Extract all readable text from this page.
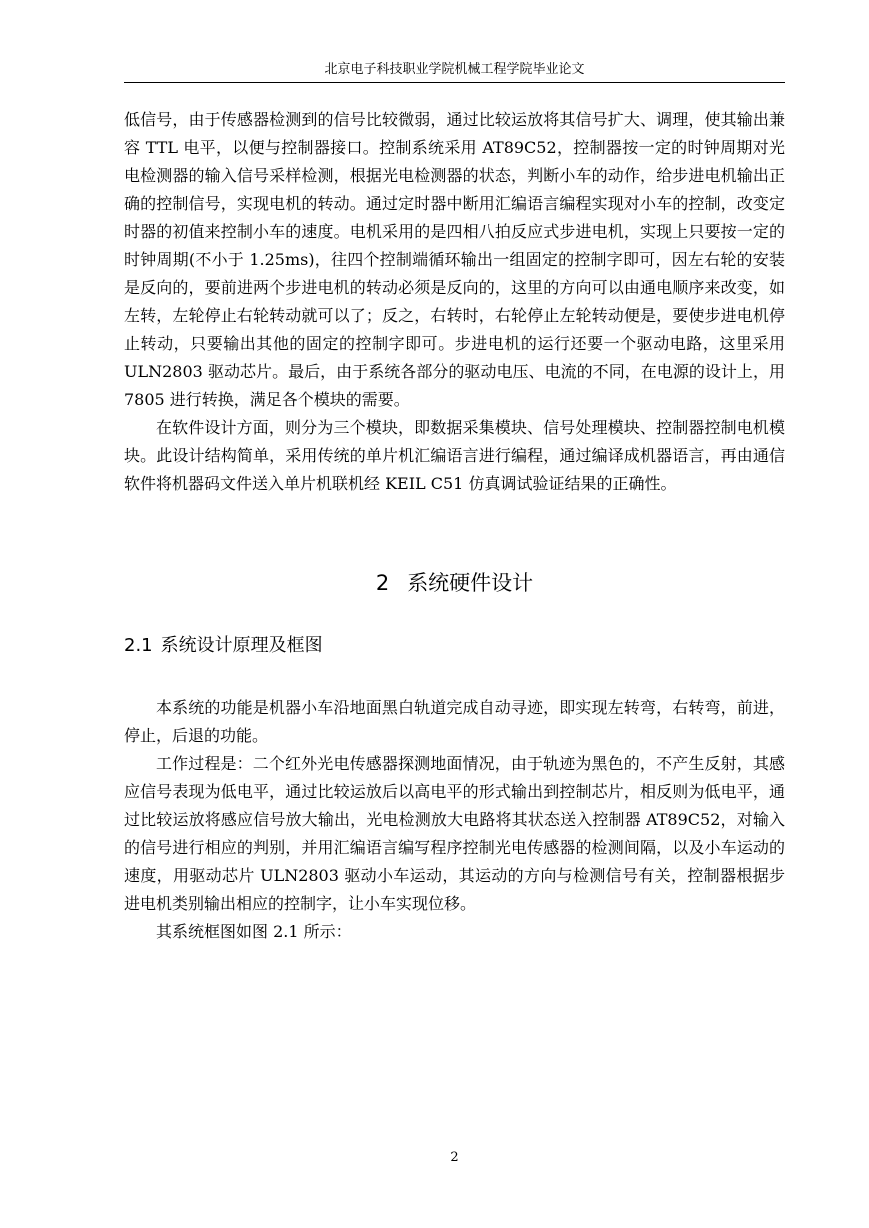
北京电子科技职业学院机械工程学院毕业论文

低信号，由于传感器检测到的信号比较微弱，通过比较运放将其信号扩大、调理，使其输出兼容 TTL 电平，以便与控制器接口。控制系统采用 AT89C52，控制器按一定的时钟周期对光电检测器的输入信号采样检测，根据光电检测器的状态，判断小车的动作，给步进电机输出正确的控制信号，实现电机的转动。通过定时器中断用汇编语言编程实现对小车的控制，改变定时器的初值来控制小车的速度。电机采用的是四相八拍反应式步进电机，实现上只要按一定的时钟周期(不小于 1.25ms)，往四个控制端循环输出一组固定的控制字即可，因左右轮的安装是反向的，要前进两个步进电机的转动必须是反向的，这里的方向可以由通电顺序来改变，如左转，左轮停止右轮转动就可以了；反之，右转时，右轮停止左轮转动便是，要使步进电机停止转动，只要输出其他的固定的控制字即可。步进电机的运行还要一个驱动电路，这里采用 ULN2803 驱动芯片。最后，由于系统各部分的驱动电压、电流的不同，在电源的设计上，用 7805 进行转换，满足各个模块的需要。

在软件设计方面，则分为三个模块，即数据采集模块、信号处理模块、控制器控制电机模块。此设计结构简单，采用传统的单片机汇编语言进行编程，通过编译成机器语言，再由通信软件将机器码文件送入单片机联机经 KEIL C51 仿真调试验证结果的正确性。

2 系统硬件设计
2.1 系统设计原理及框图

本系统的功能是机器小车沿地面黑白轨道完成自动寻迹，即实现左转弯，右转弯，前进，停止，后退的功能。

工作过程是：二个红外光电传感器探测地面情况，由于轨迹为黑色的，不产生反射，其感应信号表现为低电平，通过比较运放后以高电平的形式输出到控制芯片，相反则为低电平，通过比较运放将感应信号放大输出，光电检测放大电路将其状态送入控制器 AT89C52，对输入的信号进行相应的判别，并用汇编语言编写程序控制光电传感器的检测间隔，以及小车运动的速度，用驱动芯片 ULN2803 驱动小车运动，其运动的方向与检测信号有关，控制器根据步进电机类别输出相应的控制字，让小车实现位移。

其系统框图如图 2.1 所示：

2
